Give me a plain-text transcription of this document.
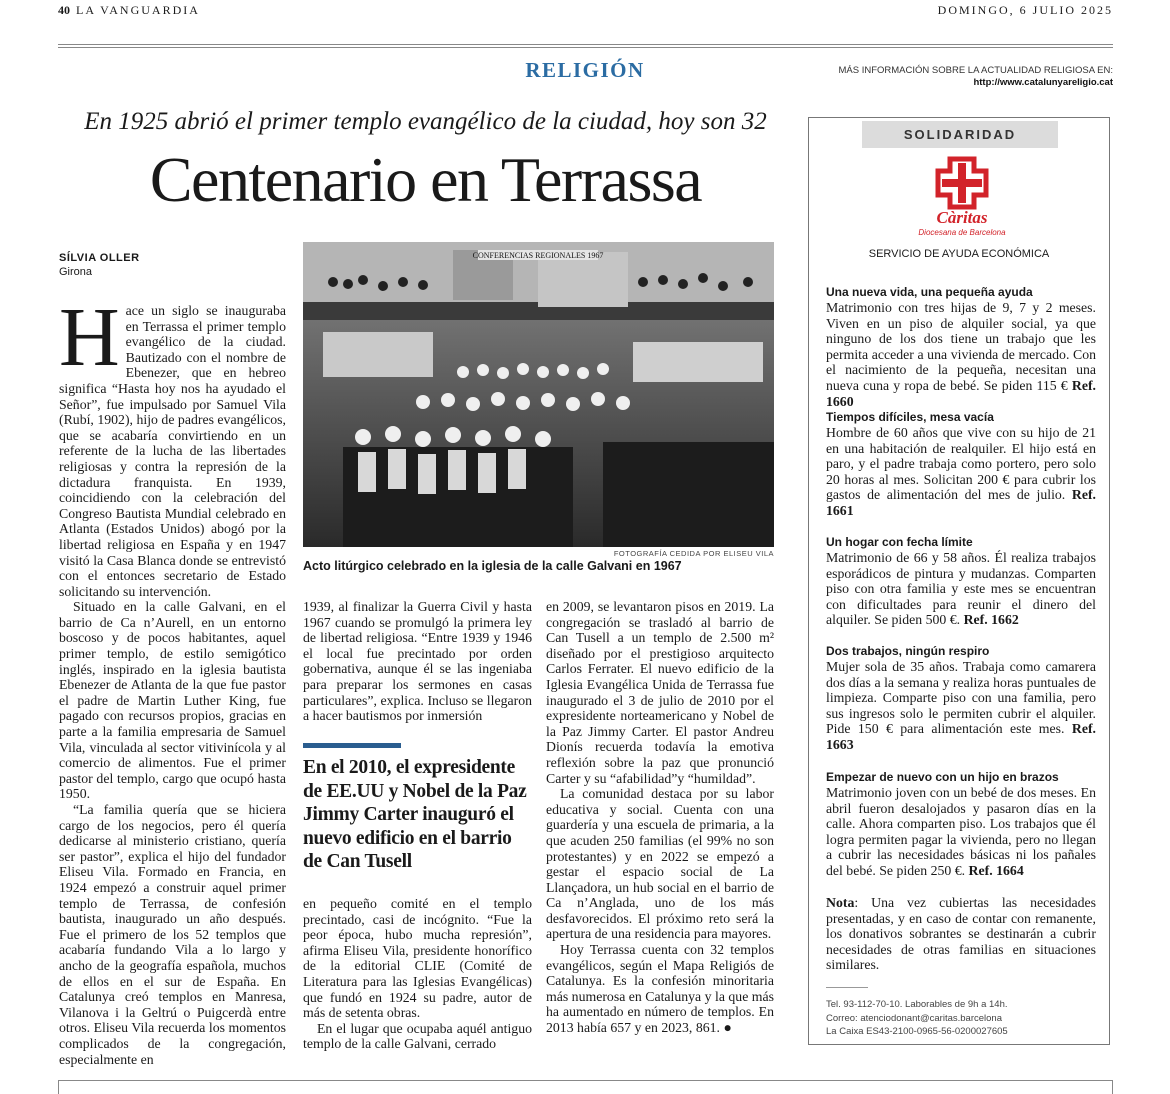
40 LA VANGUARDIA	DOMINGO, 6 JULIO 2025
RELIGIÓN	MÁS INFORMACIÓN SOBRE LA ACTUALIDAD RELIGIOSA EN:
http://www.catalunyareligio.cat
En 1925 abrió el primer templo evangélico de la ciudad, hoy son 32
Centenario en Terrassa
SÍLVIA OLLER
Girona

Hace un siglo se inauguraba en Terrassa el primer templo evangélico de la ciudad. Bautizado con el nombre de Ebenezer, que en hebreo significa “Hasta hoy nos ha ayudado el Señor”, fue impulsado por Samuel Vila (Rubí, 1902), hijo de padres evangélicos, que se acabaría convirtiendo en un referente de la lucha de las libertades religiosas y contra la represión de la dictadura franquista. En 1939, coincidiendo con la celebración del Congreso Bautista Mundial celebrado en Atlanta (Estados Unidos) abogó por la libertad religiosa en España y en 1947 visitó la Casa Blanca donde se entrevistó con el entonces secretario de Estado solicitando su intervención.

Situado en la calle Galvani, en el barrio de Ca n’Aurell, en un entorno boscoso y de pocos habitantes, aquel primer templo, de estilo semigótico inglés, inspirado en la iglesia bautista Ebenezer de Atlanta de la que fue pastor el padre de Martin Luther King, fue pagado con recursos propios, gracias en parte a la familia empresaria de Samuel Vila, vinculada al sector vitivinícola y al comercio de alimentos. Fue el primer pastor del templo, cargo que ocupó hasta 1950.

“La familia quería que se hiciera cargo de los negocios, pero él quería dedicarse al ministerio cristiano, quería ser pastor”, explica el hijo del fundador Eliseu Vila. Formado en Francia, en 1924 empezó a construir aquel primer templo de Terrassa, de confesión bautista, inaugurado un año después. Fue el primero de los 52 templos que acabaría fundando Vila a lo largo y ancho de la geografía española, muchos de ellos en el sur de España. En Catalunya creó templos en Manresa, Vilanova i la Geltrú o Puigcerdà entre otros. Eliseu Vila recuerda los momentos complicados de la congregación, especialmente en

CONFERENCIAS REGIONALES 1967
FOTOGRAFÍA CEDIDA POR ELISEU VILA
Acto litúrgico celebrado en la iglesia de la calle Galvani en 1967

1939, al finalizar la Guerra Civil y hasta 1967 cuando se promulgó la primera ley de libertad religiosa. “Entre 1939 y 1946 el local fue precintado por orden gobernativa, aunque él se las ingeniaba para preparar los sermones en casas particulares”, explica. Incluso se llegaron a hacer bautismos por inmersión

En el 2010, el expresidente de EE.UU y Nobel de la Paz Jimmy Carter inauguró el nuevo edificio en el barrio de Can Tusell

en pequeño comité en el templo precintado, casi de incógnito. “Fue la peor época, hubo mucha represión”, afirma Eliseu Vila, presidente honorífico de la editorial CLIE (Comité de Literatura para las Iglesias Evangélicas) que fundó en 1924 su padre, autor de más de setenta obras.

En el lugar que ocupaba aquél antiguo templo de la calle Galvani, cerrado

en 2009, se levantaron pisos en 2019. La congregación se trasladó al barrio de Can Tusell a un templo de 2.500 m² diseñado por el prestigioso arquitecto Carlos Ferrater. El nuevo edificio de la Iglesia Evangélica Unida de Terrassa fue inaugurado el 3 de julio de 2010 por el expresidente norteamericano y Nobel de la Paz Jimmy Carter. El pastor Andreu Dionís recuerda todavía la emotiva reflexión sobre la paz que pronunció Carter y su “afabilidad”y “humildad”.

La comunidad destaca por su labor educativa y social. Cuenta con una guardería y una escuela de primaria, a la que acuden 250 familias (el 99% no son protestantes) y en 2022 se empezó a gestar el espacio social de La Llançadora, un hub social en el barrio de Ca n’Anglada, uno de los más desfavorecidos. El próximo reto será la apertura de una residencia para mayores.

Hoy Terrassa cuenta con 32 templos evangélicos, según el Mapa Religiós de Catalunya. Es la confesión minoritaria más numerosa en Catalunya y la que más ha aumentado en número de templos. En 2013 había 657 y en 2023, 861. ●

SOLIDARIDAD
Càritas
Diocesana de Barcelona
SERVICIO DE AYUDA ECONÓMICA
Una nueva vida, una pequeña ayuda

Matrimonio con tres hijas de 9, 7 y 2 meses. Viven en un piso de alquiler social, ya que ninguno de los dos tiene un trabajo que les permita acceder a una vivienda de mercado. Con el nacimiento de la pequeña, necesitan una nueva cuna y ropa de bebé. Se piden 115 € Ref. 1660

Tiempos difíciles, mesa vacía

Hombre de 60 años que vive con su hijo de 21 en una habitación de realquiler. El hijo está en paro, y el padre trabaja como portero, pero solo 20 horas al mes. Solicitan 200 € para cubrir los gastos de alimentación del mes de julio. Ref. 1661

Un hogar con fecha límite

Matrimonio de 66 y 58 años. Él realiza trabajos esporádicos de pintura y mudanzas. Comparten piso con otra familia y este mes se encuentran con dificultades para reunir el dinero del alquiler. Se piden 500 €. Ref. 1662

Dos trabajos, ningún respiro

Mujer sola de 35 años. Trabaja como camarera dos días a la semana y realiza horas puntuales de limpieza. Comparte piso con una familia, pero sus ingresos solo le permiten cubrir el alquiler. Pide 150 € para alimentación este mes. Ref. 1663

Empezar de nuevo con un hijo en brazos

Matrimonio joven con un bebé de dos meses. En abril fueron desalojados y pasaron días en la calle. Ahora comparten piso. Los trabajos que él logra permiten pagar la vivienda, pero no llegan a cubrir las necesidades básicas ni los pañales del bebé. Se piden 250 €. Ref. 1664

Nota: Una vez cubiertas las necesidades presentadas, y en caso de contar con remanente, los donativos sobrantes se destinarán a cubrir necesidades de otras familias en situaciones similares.

Tel. 93-112-70-10. Laborables de 9h a 14h.
Correo: atenciodonant@caritas.barcelona
La Caixa ES43-2100-0965-56-0200027605
